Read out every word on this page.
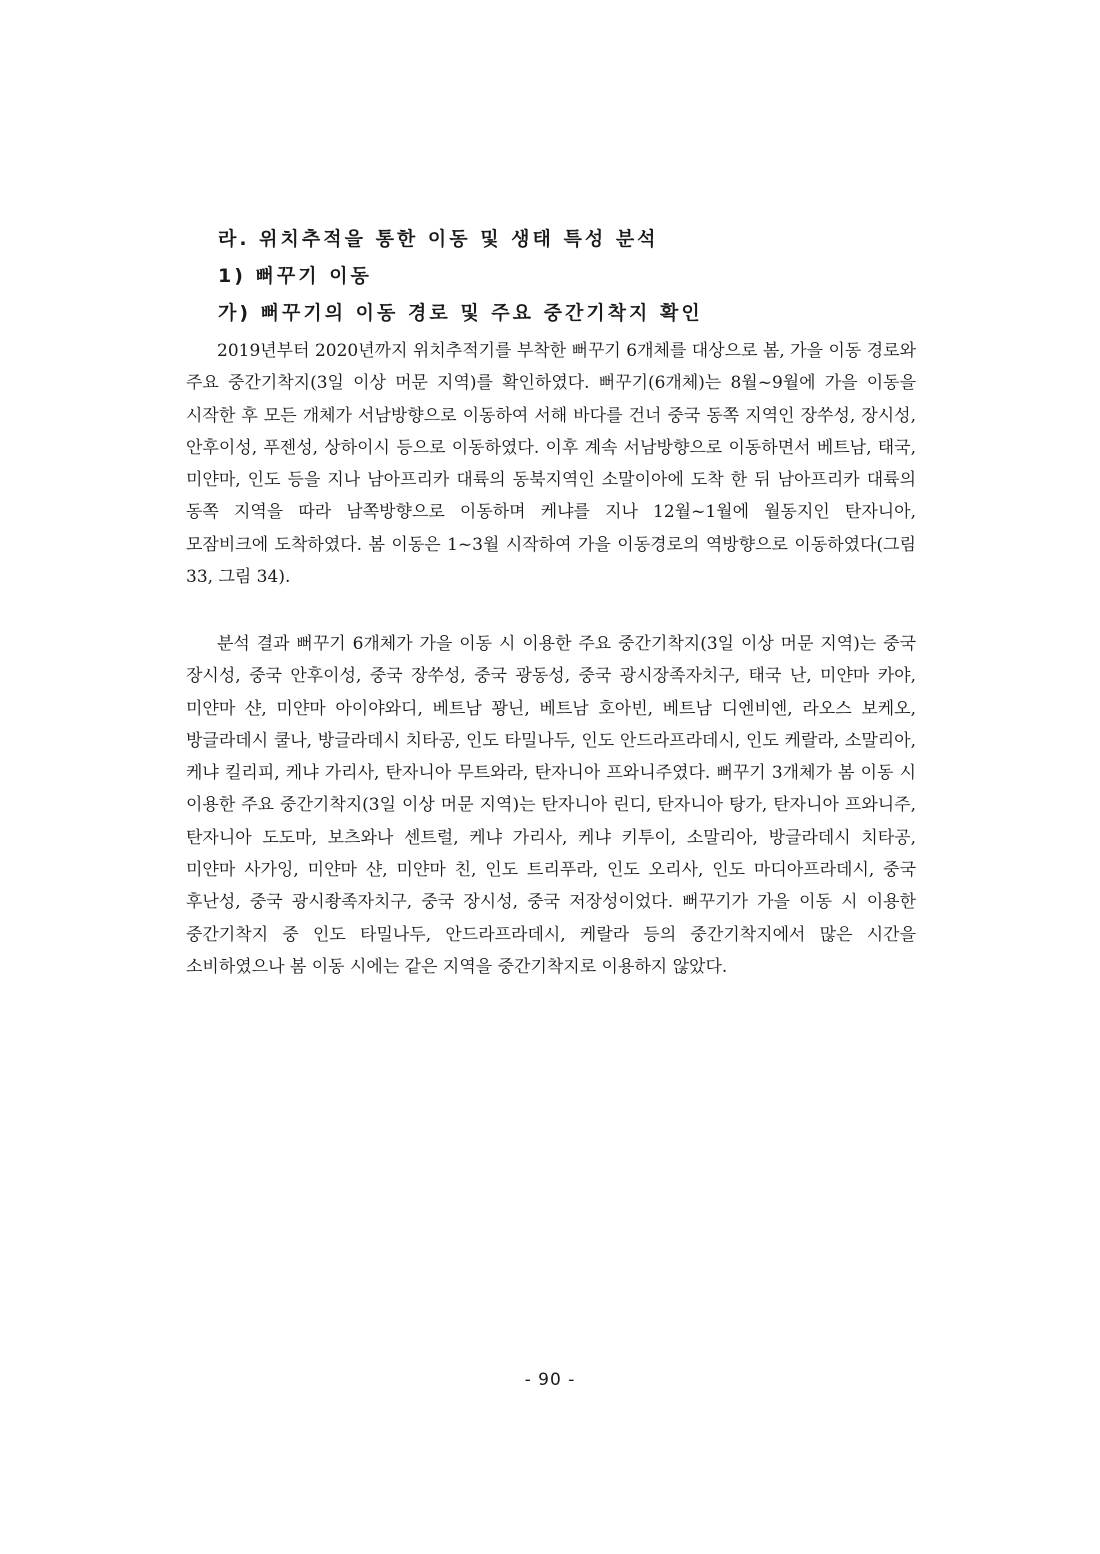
라. 위치추적을 통한 이동 및 생태 특성 분석
1) 뻐꾸기 이동
가) 뻐꾸기의 이동 경로 및 주요 중간기착지 확인

2019년부터 2020년까지 위치추적기를 부착한 뻐꾸기 6개체를 대상으로 봄, 가을 이동 경로와 주요 중간기착지(3일 이상 머문 지역)를 확인하였다. 뻐꾸기(6개체)는 8월~9월에 가을 이동을 시작한 후 모든 개체가 서남방향으로 이동하여 서해 바다를 건너 중국 동쪽 지역인 장쑤성, 장시성, 안후이성, 푸젠성, 상하이시 등으로 이동하였다. 이후 계속 서남방향으로 이동하면서 베트남, 태국, 미얀마, 인도 등을 지나 남아프리카 대륙의 동북지역인 소말이아에 도착 한 뒤 남아프리카 대륙의 동쪽 지역을 따라 남쪽방향으로 이동하며 케냐를 지나 12월~1월에 월동지인 탄자니아, 모잠비크에 도착하였다. 봄 이동은 1~3월 시작하여 가을 이동경로의 역방향으로 이동하였다(그림 33, 그림 34).

분석 결과 뻐꾸기 6개체가 가을 이동 시 이용한 주요 중간기착지(3일 이상 머문 지역)는 중국 장시성, 중국 안후이성, 중국 장쑤성, 중국 광동성, 중국 광시장족자치구, 태국 난, 미얀마 카야, 미얀마 샨, 미얀마 아이야와디, 베트남 꽝닌, 베트남 호아빈, 베트남 디엔비엔, 라오스 보케오, 방글라데시 쿨나, 방글라데시 치타공, 인도 타밀나두, 인도 안드라프라데시, 인도 케랄라, 소말리아, 케냐 킬리피, 케냐 가리사, 탄자니아 무트와라, 탄자니아 프와니주였다. 뻐꾸기 3개체가 봄 이동 시 이용한 주요 중간기착지(3일 이상 머문 지역)는 탄자니아 린디, 탄자니아 탕가, 탄자니아 프와니주, 탄자니아 도도마, 보츠와나 센트럴, 케냐 가리사, 케냐 키투이, 소말리아, 방글라데시 치타공, 미얀마 사가잉, 미얀마 샨, 미얀마 친, 인도 트리푸라, 인도 오리사, 인도 마디아프라데시, 중국 후난성, 중국 광시좡족자치구, 중국 장시성, 중국 저장성이었다. 뻐꾸기가 가을 이동 시 이용한 중간기착지 중 인도 타밀나두, 안드라프라데시, 케랄라 등의 중간기착지에서 많은 시간을 소비하였으나 봄 이동 시에는 같은 지역을 중간기착지로 이용하지 않았다.

- 90 -
